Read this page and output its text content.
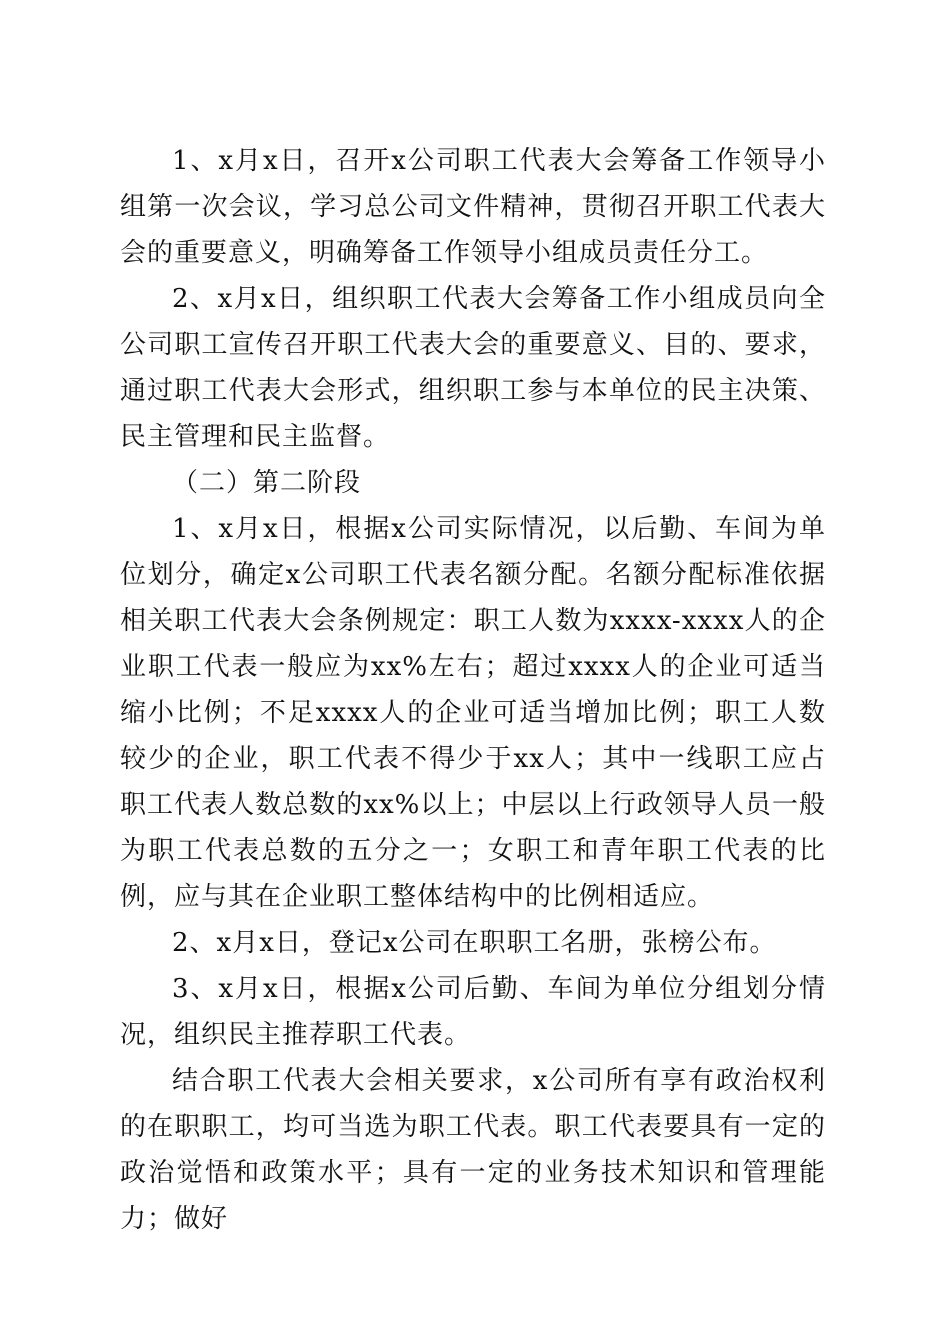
1、x月x日，召开x公司职工代表大会筹备工作领导小组第一次会议，学习总公司文件精神，贯彻召开职工代表大会的重要意义，明确筹备工作领导小组成员责任分工。

2、x月x日，组织职工代表大会筹备工作小组成员向全公司职工宣传召开职工代表大会的重要意义、目的、要求，通过职工代表大会形式，组织职工参与本单位的民主决策、民主管理和民主监督。

（二）第二阶段

1、x月x日，根据x公司实际情况，以后勤、车间为单位划分，确定x公司职工代表名额分配。名额分配标准依据相关职工代表大会条例规定：职工人数为xxxx-xxxx人的企业职工代表一般应为xx%左右；超过xxxx人的企业可适当缩小比例；不足xxxx人的企业可适当增加比例；职工人数较少的企业，职工代表不得少于xx人；其中一线职工应占职工代表人数总数的xx%以上；中层以上行政领导人员一般为职工代表总数的五分之一；女职工和青年职工代表的比例，应与其在企业职工整体结构中的比例相适应。

2、x月x日，登记x公司在职职工名册，张榜公布。

3、x月x日，根据x公司后勤、车间为单位分组划分情况，组织民主推荐职工代表。

结合职工代表大会相关要求，x公司所有享有政治权利的在职职工，均可当选为职工代表。职工代表要具有一定的政治觉悟和政策水平；具有一定的业务技术知识和管理能力；做好
